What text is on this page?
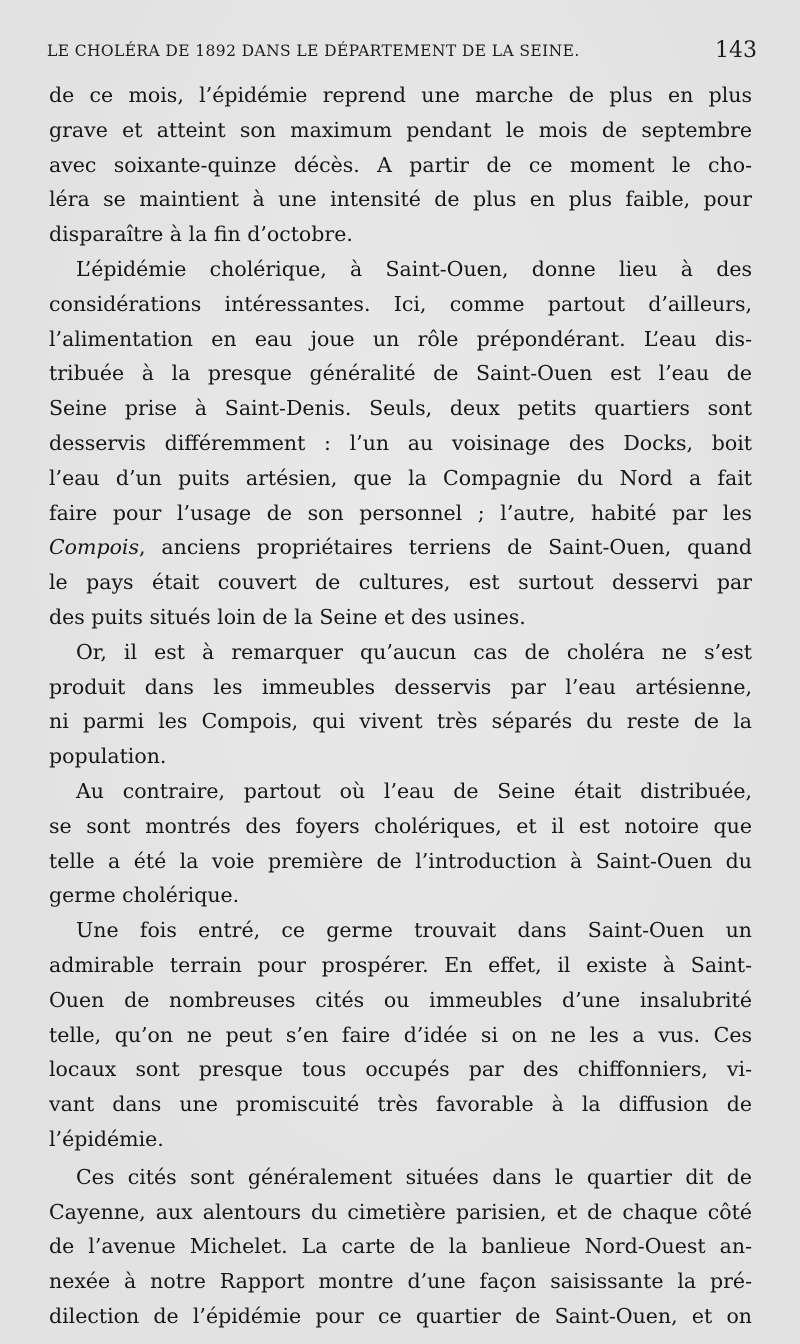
LE CHOLÉRA DE 1892 DANS LE DÉPARTEMENT DE LA SEINE.	143
de ce mois, l’épidémie reprend une marche de plus en plus
grave et atteint son maximum pendant le mois de septembre
avec soixante-quinze décès. A partir de ce moment le cho-
léra se maintient à une intensité de plus en plus faible, pour
disparaître à la fin d’octobre.
L’épidémie cholérique, à Saint-Ouen, donne lieu à des
considérations intéressantes. Ici, comme partout d’ailleurs,
l’alimentation en eau joue un rôle prépondérant. L’eau dis-
tribuée à la presque généralité de Saint-Ouen est l’eau de
Seine prise à Saint-Denis. Seuls, deux petits quartiers sont
desservis différemment : l’un au voisinage des Docks, boit
l’eau d’un puits artésien, que la Compagnie du Nord a fait
faire pour l’usage de son personnel ; l’autre, habité par les
Compois, anciens propriétaires terriens de Saint-Ouen, quand
le pays était couvert de cultures, est surtout desservi par
des puits situés loin de la Seine et des usines.
Or, il est à remarquer qu’aucun cas de choléra ne s’est
produit dans les immeubles desservis par l’eau artésienne,
ni parmi les Compois, qui vivent très séparés du reste de la
population.
Au contraire, partout où l’eau de Seine était distribuée,
se sont montrés des foyers cholériques, et il est notoire que
telle a été la voie première de l’introduction à Saint-Ouen du
germe cholérique.
Une fois entré, ce germe trouvait dans Saint-Ouen un
admirable terrain pour prospérer. En effet, il existe à Saint-
Ouen de nombreuses cités ou immeubles d’une insalubrité
telle, qu’on ne peut s’en faire d’idée si on ne les a vus. Ces
locaux sont presque tous occupés par des chiffonniers, vi-
vant dans une promiscuité très favorable à la diffusion de
l’épidémie.
Ces cités sont généralement situées dans le quartier dit de
Cayenne, aux alentours du cimetière parisien, et de chaque côté
de l’avenue Michelet. La carte de la banlieue Nord-Ouest an-
nexée à notre Rapport montre d’une façon saisissante la pré-
dilection de l’épidémie pour ce quartier de Saint-Ouen, et on
